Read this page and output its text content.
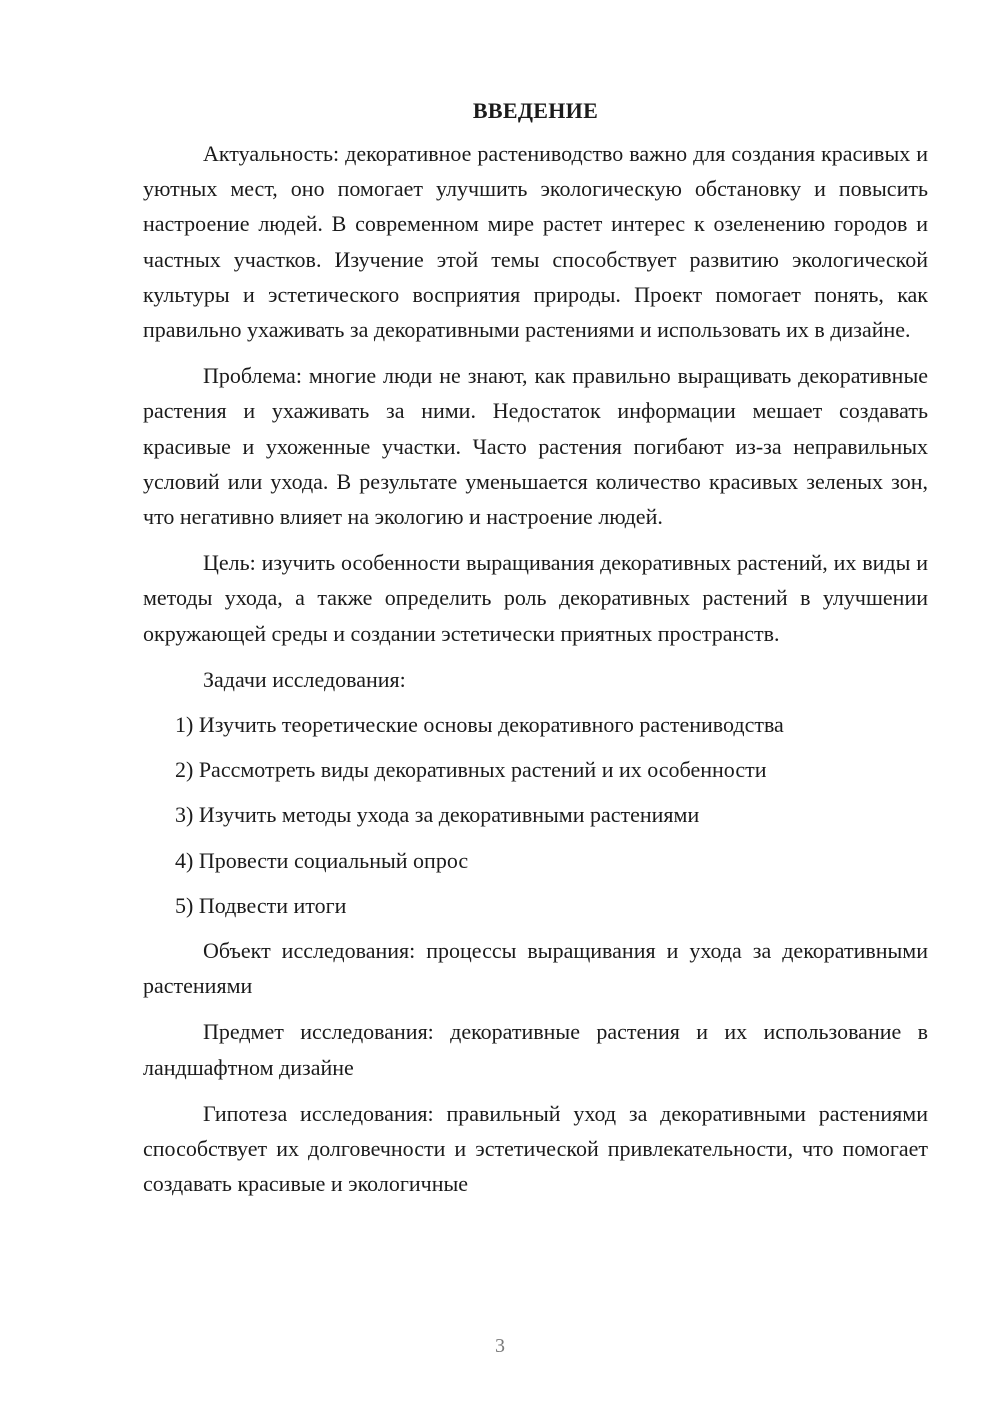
ВВЕДЕНИЕ

Актуальность: декоративное растениводство важно для создания красивых и уютных мест, оно помогает улучшить экологическую обстановку и повысить настроение людей. В современном мире растет интерес к озеленению городов и частных участков. Изучение этой темы способствует развитию экологической культуры и эстетического восприятия природы. Проект помогает понять, как правильно ухаживать за декоративными растениями и использовать их в дизайне.

Проблема: многие люди не знают, как правильно выращивать декоративные растения и ухаживать за ними. Недостаток информации мешает создавать красивые и ухоженные участки. Часто растения погибают из-за неправильных условий или ухода. В результате уменьшается количество красивых зеленых зон, что негативно влияет на экологию и настроение людей.

Цель: изучить особенности выращивания декоративных растений, их виды и методы ухода, а также определить роль декоративных растений в улучшении окружающей среды и создании эстетически приятных пространств.

Задачи исследования:

1) Изучить теоретические основы декоративного растениводства
2) Рассмотреть виды декоративных растений и их особенности
3) Изучить методы ухода за декоративными растениями
4) Провести социальный опрос
5) Подвести итоги

Объект исследования: процессы выращивания и ухода за декоративными растениями

Предмет исследования: декоративные растения и их использование в ландшафтном дизайне

Гипотеза исследования: правильный уход за декоративными растениями способствует их долговечности и эстетической привлекательности, что помогает создавать красивые и экологичные

3
